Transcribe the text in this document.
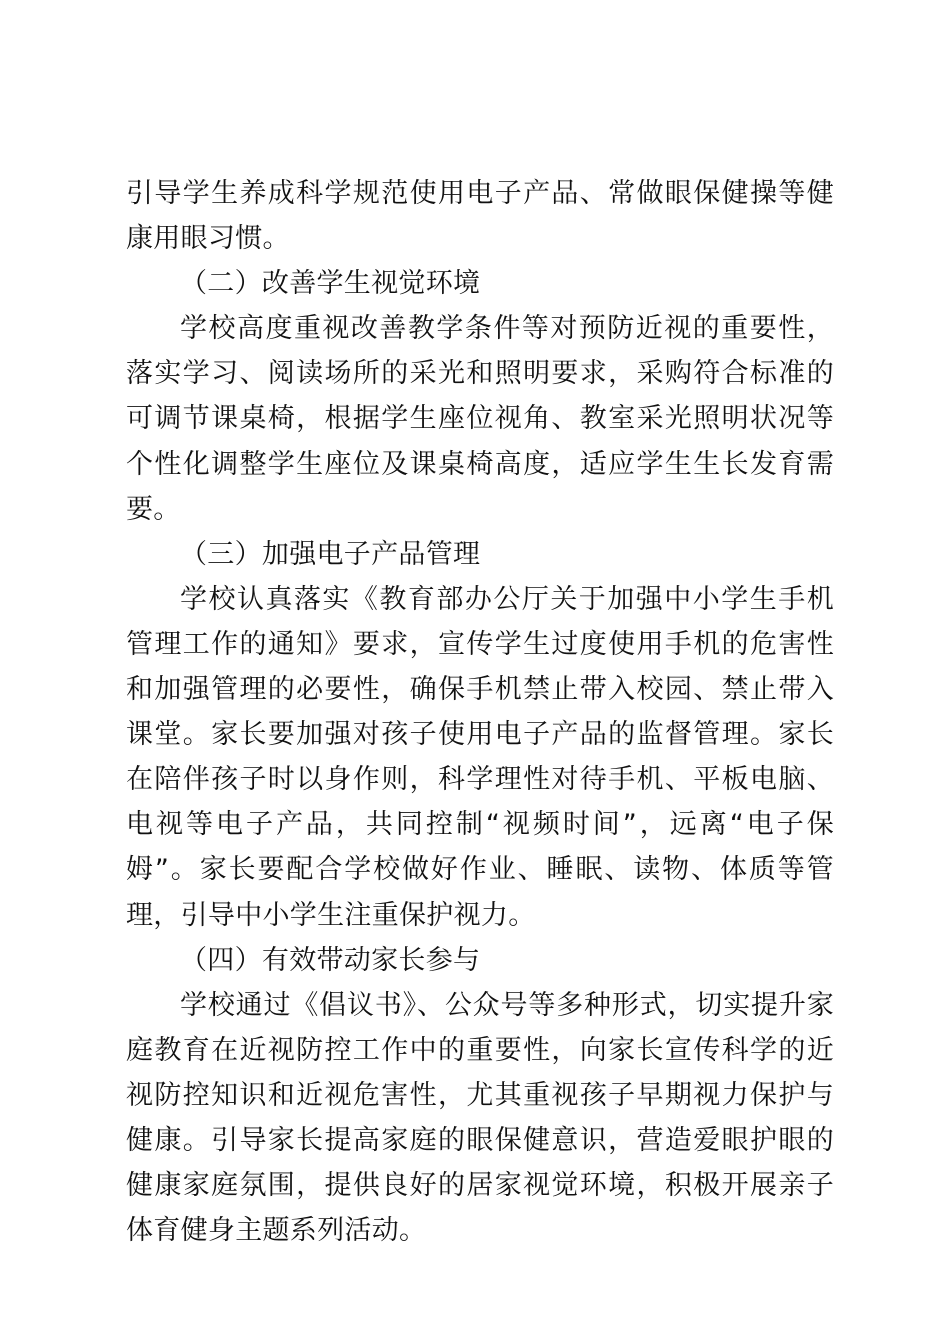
引导学生养成科学规范使用电子产品、常做眼保健操等健康用眼习惯。

（二）改善学生视觉环境

学校高度重视改善教学条件等对预防近视的重要性，落实学习、阅读场所的采光和照明要求，采购符合标准的可调节课桌椅，根据学生座位视角、教室采光照明状况等个性化调整学生座位及课桌椅高度，适应学生生长发育需要。

（三）加强电子产品管理

学校认真落实《教育部办公厅关于加强中小学生手机管理工作的通知》要求，宣传学生过度使用手机的危害性和加强管理的必要性，确保手机禁止带入校园、禁止带入课堂。家长要加强对孩子使用电子产品的监督管理。家长在陪伴孩子时以身作则，科学理性对待手机、平板电脑、电视等电子产品，共同控制“视频时间”，远离“电子保姆”。家长要配合学校做好作业、睡眠、读物、体质等管理，引导中小学生注重保护视力。

（四）有效带动家长参与

学校通过《倡议书》、公众号等多种形式，切实提升家庭教育在近视防控工作中的重要性，向家长宣传科学的近视防控知识和近视危害性，尤其重视孩子早期视力保护与健康。引导家长提高家庭的眼保健意识，营造爱眼护眼的健康家庭氛围，提供良好的居家视觉环境，积极开展亲子体育健身主题系列活动。
